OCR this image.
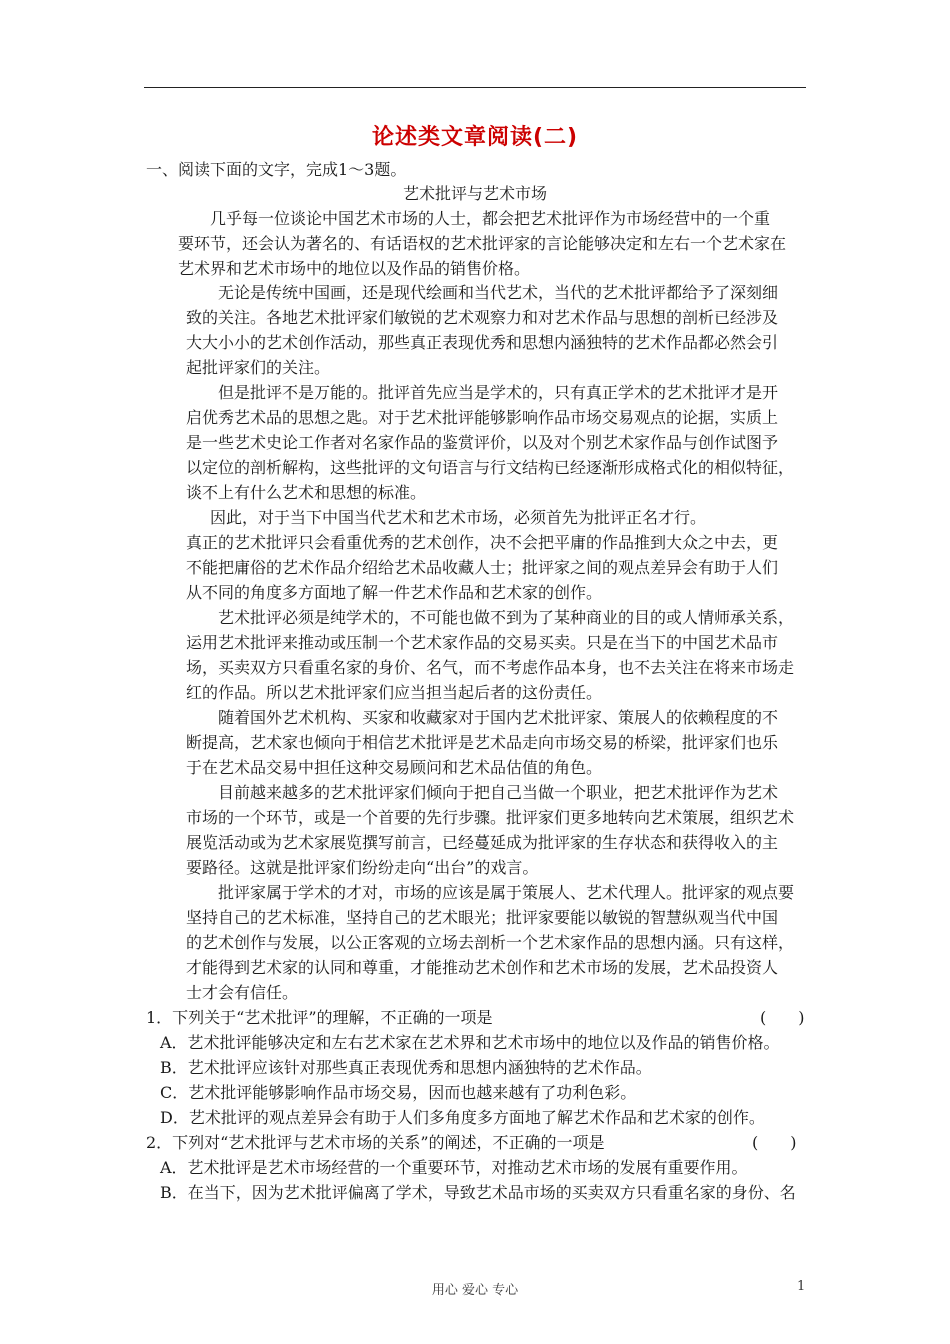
论述类文章阅读(二)
一、阅读下面的文字，完成1～3题。
艺术批评与艺术市场
几乎每一位谈论中国艺术市场的人士，都会把艺术批评作为市场经营中的一个重
要环节，还会认为著名的、有话语权的艺术批评家的言论能够决定和左右一个艺术家在
艺术界和艺术市场中的地位以及作品的销售价格。
无论是传统中国画，还是现代绘画和当代艺术，当代的艺术批评都给予了深刻细
致的关注。各地艺术批评家们敏锐的艺术观察力和对艺术作品与思想的剖析已经涉及
大大小小的艺术创作活动，那些真正表现优秀和思想内涵独特的艺术作品都必然会引
起批评家们的关注。
但是批评不是万能的。批评首先应当是学术的，只有真正学术的艺术批评才是开
启优秀艺术品的思想之匙。对于艺术批评能够影响作品市场交易观点的论据，实质上
是一些艺术史论工作者对名家作品的鉴赏评价，以及对个别艺术家作品与创作试图予
以定位的剖析解构，这些批评的文句语言与行文结构已经逐渐形成格式化的相似特征，
谈不上有什么艺术和思想的标准。
因此，对于当下中国当代艺术和艺术市场，必须首先为批评正名才行。
真正的艺术批评只会看重优秀的艺术创作，决不会把平庸的作品推到大众之中去，更
不能把庸俗的艺术作品介绍给艺术品收藏人士；批评家之间的观点差异会有助于人们
从不同的角度多方面地了解一件艺术作品和艺术家的创作。
艺术批评必须是纯学术的，不可能也做不到为了某种商业的目的或人情师承关系，
运用艺术批评来推动或压制一个艺术家作品的交易买卖。只是在当下的中国艺术品市
场，买卖双方只看重名家的身价、名气，而不考虑作品本身，也不去关注在将来市场走
红的作品。所以艺术批评家们应当担当起后者的这份责任。
随着国外艺术机构、买家和收藏家对于国内艺术批评家、策展人的依赖程度的不
断提高，艺术家也倾向于相信艺术批评是艺术品走向市场交易的桥梁，批评家们也乐
于在艺术品交易中担任这种交易顾问和艺术品估值的角色。
目前越来越多的艺术批评家们倾向于把自己当做一个职业，把艺术批评作为艺术
市场的一个环节，或是一个首要的先行步骤。批评家们更多地转向艺术策展，组织艺术
展览活动或为艺术家展览撰写前言，已经蔓延成为批评家的生存状态和获得收入的主
要路径。这就是批评家们纷纷走向“出台”的戏言。
批评家属于学术的才对，市场的应该是属于策展人、艺术代理人。批评家的观点要
坚持自己的艺术标准，坚持自己的艺术眼光；批评家要能以敏锐的智慧纵观当代中国
的艺术创作与发展，以公正客观的立场去剖析一个艺术家作品的思想内涵。只有这样，
才能得到艺术家的认同和尊重，才能推动艺术创作和艺术市场的发展，艺术品投资人
士才会有信任。
1．下列关于“艺术批评”的理解，不正确的一项是	(　　)
A．艺术批评能够决定和左右艺术家在艺术界和艺术市场中的地位以及作品的销售价格。
B．艺术批评应该针对那些真正表现优秀和思想内涵独特的艺术作品。
C．艺术批评能够影响作品市场交易，因而也越来越有了功利色彩。
D．艺术批评的观点差异会有助于人们多角度多方面地了解艺术作品和艺术家的创作。
2．下列对“艺术批评与艺术市场的关系”的阐述，不正确的一项是	(　　)
A．艺术批评是艺术市场经营的一个重要环节，对推动艺术市场的发展有重要作用。
B．在当下，因为艺术批评偏离了学术，导致艺术品市场的买卖双方只看重名家的身份、名
用心 爱心 专心	1
